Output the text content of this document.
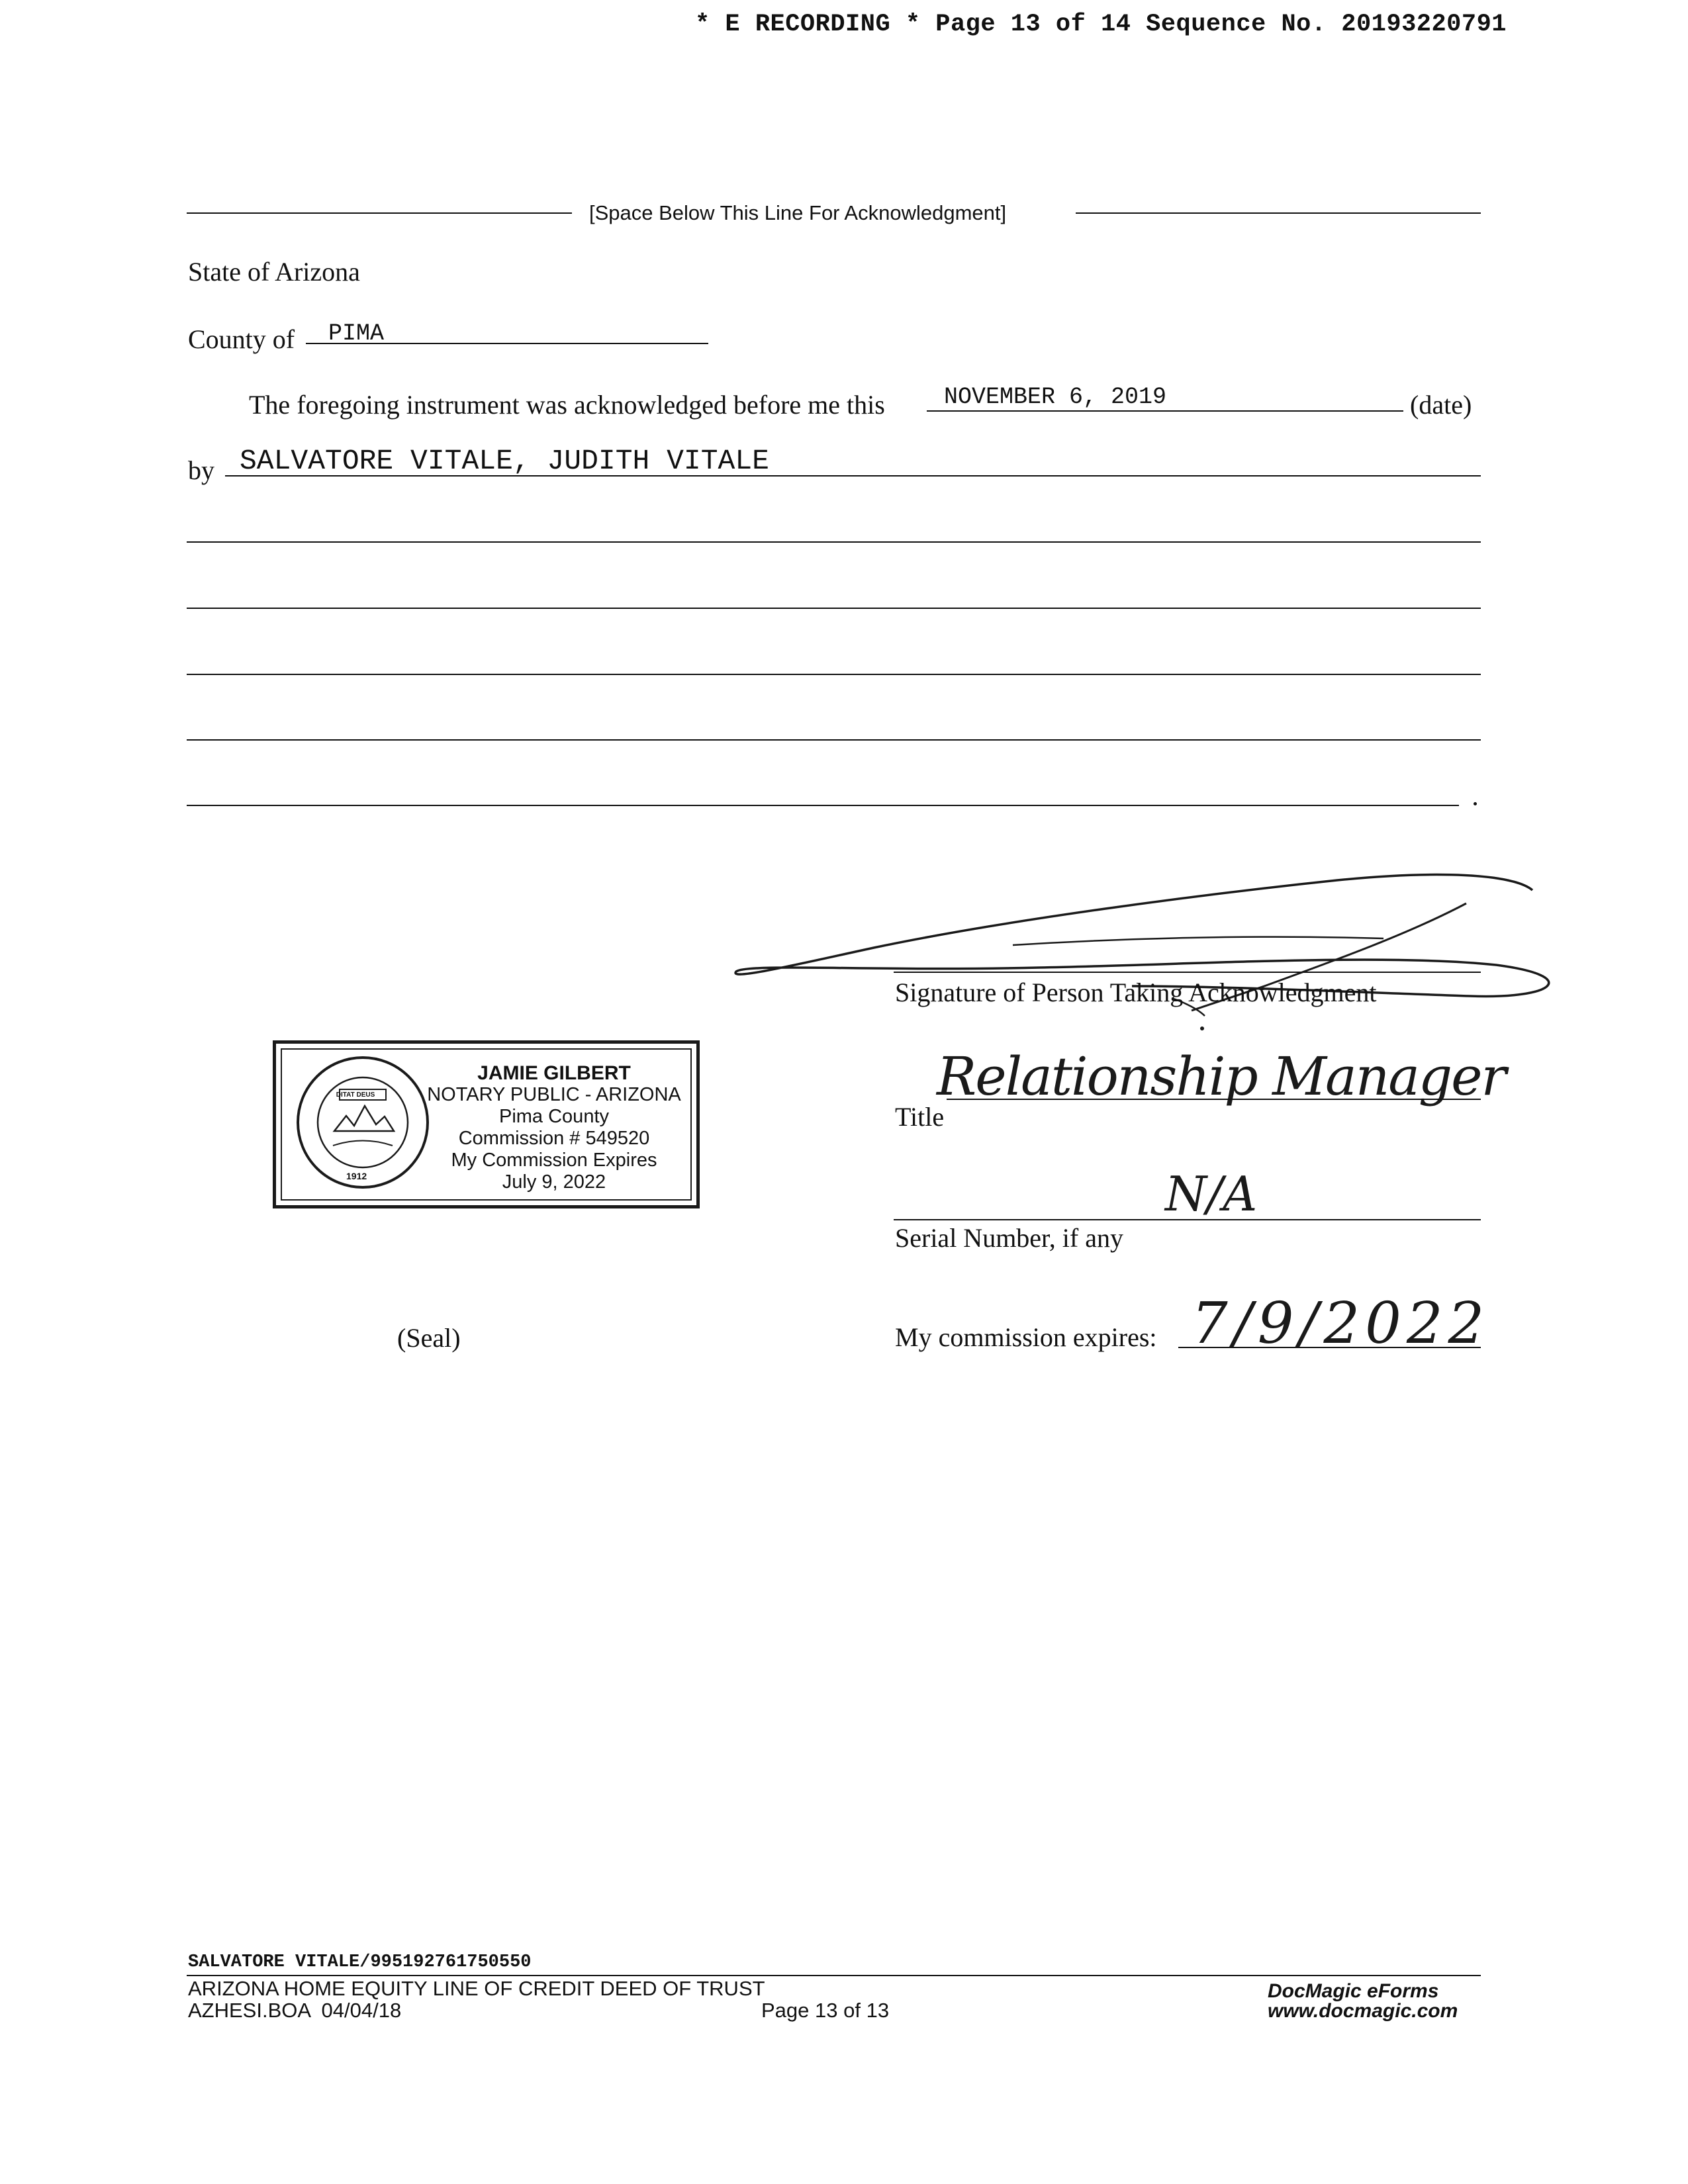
* E RECORDING * Page 13 of 14 Sequence No. 20193220791
[Space Below This Line For Acknowledgment]
State of Arizona
County of PIMA
The foregoing instrument was acknowledged before me this	NOVEMBER 6, 2019	(date)
by SALVATORE VITALE, JUDITH VITALE
Signature of Person Taking Acknowledgment
Relationship Manager
Title
N/A
Serial Number, if any
My commission expires: 7/9/2022
(Seal)
DITAT DEUS
1912
JAMIE GILBERT
NOTARY PUBLIC - ARIZONA
Pima County
Commission # 549520
My Commission Expires
July 9, 2022
SALVATORE VITALE/995192761750550
ARIZONA HOME EQUITY LINE OF CREDIT DEED OF TRUST
AZHESI.BOA  04/04/18	Page 13 of 13
DocMagic eForms
www.docmagic.com
